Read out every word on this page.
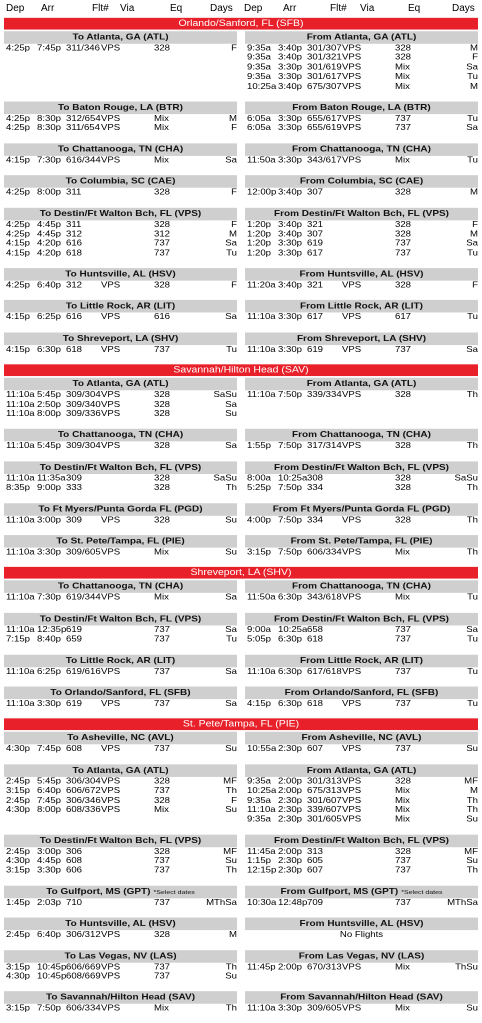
Dep Arr	Flt# Via	Eq	Days Dep Arr	Flt# Via	Eq	Days
Orlando/Sanford, FL (SFB)
To Atlanta, GA (ATL)
4:25p 7:45p 311/346 VPS	328	F
From Atlanta, GA (ATL)
9:35a 3:40p 301/307 VPS	328	M
9:35a 3:40p 301/321 VPS	328	F
9:35a 3:30p 301/619 VPS	Mix	Sa
9:35a 3:30p 301/617 VPS	Mix	Tu
10:25a 3:40p 675/307 VPS	Mix	M
To Baton Rouge, LA (BTR)
4:25p 8:30p 312/654 VPS	Mix	M
4:25p 8:30p 311/654 VPS	Mix	F
From Baton Rouge, LA (BTR)
6:05a 3:30p 655/617 VPS	737	Tu
6:05a 3:30p 655/619 VPS	737	Sa
To Chattanooga, TN (CHA)
4:15p 7:30p 616/344 VPS	Mix	Sa
From Chattanooga, TN (CHA)
11:50a 3:30p 343/617 VPS	Mix	Tu
To Columbia, SC (CAE)
4:25p 8:00p 311	328	F
From Columbia, SC (CAE)
12:00p 3:40p 307	328	M
To Destin/Ft Walton Bch, FL (VPS)
4:25p 4:45p 311	328	F
4:25p 4:45p 312	312	M
4:15p 4:20p 616	737	Sa
4:15p 4:20p 618	737	Tu
From Destin/Ft Walton Bch, FL (VPS)
1:20p 3:40p 321	328	F
1:20p 3:40p 307	328	M
1:20p 3:30p 619	737	Sa
1:20p 3:30p 617	737	Tu
To Huntsville, AL (HSV)
4:25p 6:40p 312 VPS	328	F
From Huntsville, AL (HSV)
11:20a 3:40p 321 VPS	328	F
To Little Rock, AR (LIT)
4:15p 6:25p 616 VPS	616	Sa
From Little Rock, AR (LIT)
11:10a 3:30p 617 VPS	617	Tu
To Shreveport, LA (SHV)
4:15p 6:30p 618 VPS	737	Tu
From Shreveport, LA (SHV)
11:10a 3:30p 619 VPS	737	Sa
Savannah/Hilton Head (SAV)
To Atlanta, GA (ATL)
11:10a 5:45p 309/304 VPS	328	SaSu
11:10a 2:50p 309/340 VPS	328	Sa
11:10a 8:00p 309/336 VPS	328	Su
From Atlanta, GA (ATL)
11:10a 7:50p 339/334 VPS	328	Th
To Chattanooga, TN (CHA)
11:10a 5:45p 309/304 VPS	328	Sa
From Chattanooga, TN (CHA)
1:55p 7:50p 317/314 VPS	328	Th
To Destin/Ft Walton Bch, FL (VPS)
11:10a 11:35a 309	328	SaSu
8:35p 9:00p 333	328	Th
From Destin/Ft Walton Bch, FL (VPS)
8:00a 10:25a 308	328	SaSu
5:25p 7:50p 334	328	Th
To Ft Myers/Punta Gorda FL (PGD)
11:10a 3:00p 309 VPS	328	Su
From Ft Myers/Punta Gorda FL (PGD)
4:00p 7:50p 334 VPS	328	Th
To St. Pete/Tampa, FL (PIE)
11:10a 3:30p 309/605 VPS	Mix	Su
From St. Pete/Tampa, FL (PIE)
3:15p 7:50p 606/334 VPS	Mix	Th
Shreveport, LA (SHV)
To Chattanooga, TN (CHA)
11:10a 7:30p 619/344 VPS	Mix	Sa
From Chattanooga, TN (CHA)
11:50a 6:30p 343/618 VPS	Mix	Tu
To Destin/Ft Walton Bch, FL (VPS)
11:10a 12:35p 619	737	Sa
7:15p 8:40p 659	737	Tu
From Destin/Ft Walton Bch, FL (VPS)
9:00a 10:25a 658	737	Sa
5:05p 6:30p 618	737	Tu
To Little Rock, AR (LIT)
11:10a 6:25p 619/616 VPS	737	Sa
From Little Rock, AR (LIT)
11:10a 6:30p 617/618 VPS	737	Tu
To Orlando/Sanford, FL (SFB)
11:10a 3:30p 619 VPS	737	Sa
From Orlando/Sanford, FL (SFB)
4:15p 6:30p 618 VPS	737	Tu
St. Pete/Tampa, FL (PIE)
To Asheville, NC (AVL)
4:30p 7:45p 608 VPS	737	Su
From Asheville, NC (AVL)
10:55a 2:30p 607 VPS	737	Su
To Atlanta, GA (ATL)
2:45p 5:45p 306/304 VPS	328	MF
3:15p 6:40p 606/672 VPS	737	Th
2:45p 7:45p 306/346 VPS	328	F
4:30p 8:00p 608/336 VPS	Mix	Su
From Atlanta, GA (ATL)
9:35a 2:00p 301/313 VPS	328	MF
10:25a 2:00p 675/313 VPS	Mix	M
9:35a 2:30p 301/607 VPS	Mix	Th
11:10a 2:30p 339/607 VPS	Mix	Th
9:35a 2:30p 301/605 VPS	Mix	Su
To Destin/Ft Walton Bch, FL (VPS)
2:45p 3:00p 306	328	MF
4:30p 4:45p 608	737	Su
3:15p 3:30p 606	737	Th
From Destin/Ft Walton Bch, FL (VPS)
11:45a 2:00p 313	328	MF
1:15p 2:30p 605	737	Su
12:15p 2:30p 607	737	Th
To Gulfport, MS (GPT) *Select dates
1:45p 2:03p 710	737	MThSa
From Gulfport, MS (GPT) *Select dates
10:30a 12:48p 709	737	MThSa
To Huntsville, AL (HSV)
2:45p 6:40p 306/312 VPS	328	M
From Huntsville, AL (HSV)
No Flights
To Las Vegas, NV (LAS)
3:15p 10:45p 606/669 VPS	737	Th
4:30p 10:45p 608/669 VPS	737	Su
From Las Vegas, NV (LAS)
11:45p 2:00p 670/313 VPS	Mix	ThSu
To Savannah/Hilton Head (SAV)
3:15p 7:50p 606/334 VPS	Mix	Th
From Savannah/Hilton Head (SAV)
11:10a 3:30p 309/605 VPS	Mix	Su
